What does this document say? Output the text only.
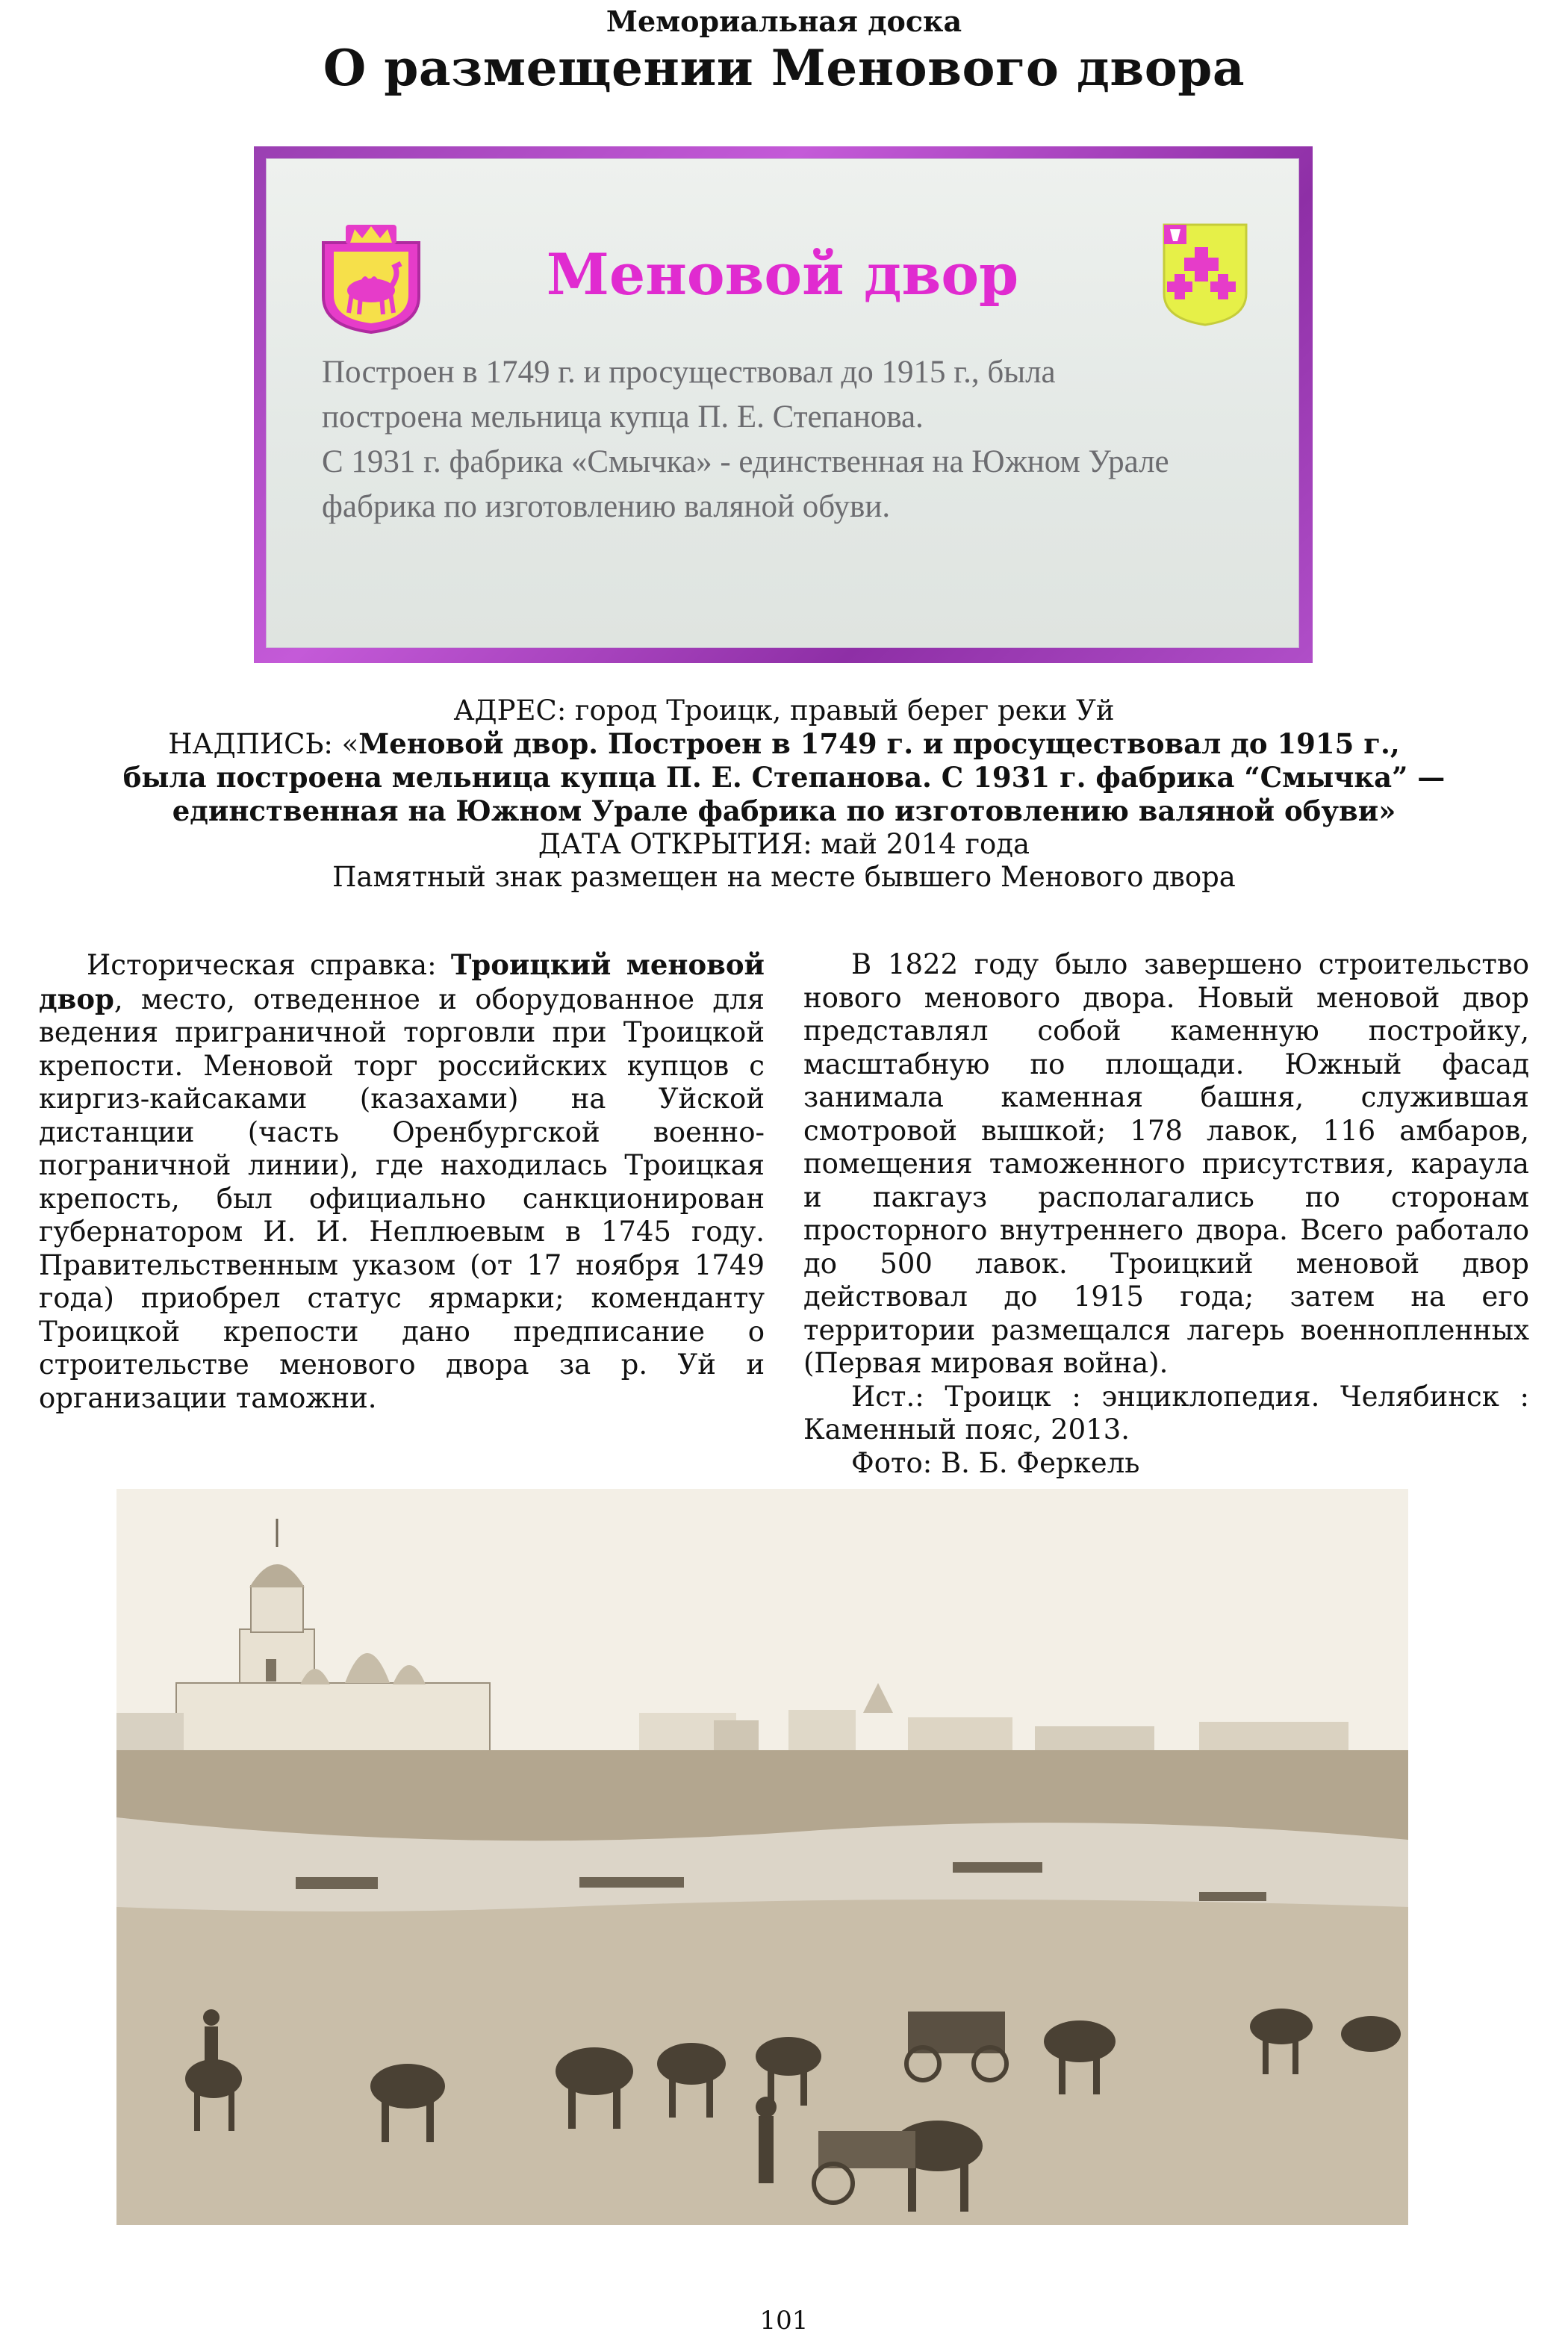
Мемориальная доска
О размещении Менового двора
Меновой двор
Построен в 1749 г. и просуществовал до 1915 г., была
построена мельница купца П. Е. Степанова.
С 1931 г. фабрика «Смычка» - единственная на Южном Урале
фабрика по изготовлению валяной обуви.
АДРЕС: город Троицк, правый берег реки Уй
НАДПИСЬ: «Меновой двор. Построен в 1749 г. и просуществовал до 1915 г.,
была построена мельница купца П. Е. Степанова. С 1931 г. фабрика “Смычка” —
единственная на Южном Урале фабрика по изготовлению валяной обуви»
ДАТА ОТКРЫТИЯ: май 2014 года
Памятный знак размещен на месте бывшего Менового двора

Историческая справка: Троицкий меновой двор, место, отведенное и оборудованное для ведения приграничной торговли при Троицкой крепости. Меновой торг российских купцов с киргиз-кайсаками (казахами) на Уйской дистанции (часть Оренбургской военно-пограничной линии), где находилась Троицкая крепость, был официально санкционирован губернатором И. И. Неплюевым в 1745 году. Правительственным указом (от 17 ноября 1749 года) приобрел статус ярмарки; коменданту Троицкой крепости дано предписание о строительстве менового двора за р. Уй и организации таможни.

В 1822 году было завершено строительство нового менового двора. Новый меновой двор представлял собой каменную постройку, масштабную по площади. Южный фасад занимала каменная башня, служившая смотровой вышкой; 178 лавок, 116 амбаров, помещения таможенного присутствия, караула и пакгауз располагались по сторонам просторного внутреннего двора. Всего работало до 500 лавок. Троицкий меновой двор действовал до 1915 года; затем на его территории размещался лагерь военнопленных (Первая мировая война).

Ист.: Троицк : энциклопедия. Челябинск : Каменный пояс, 2013.

Фото: В. Б. Феркель

101
